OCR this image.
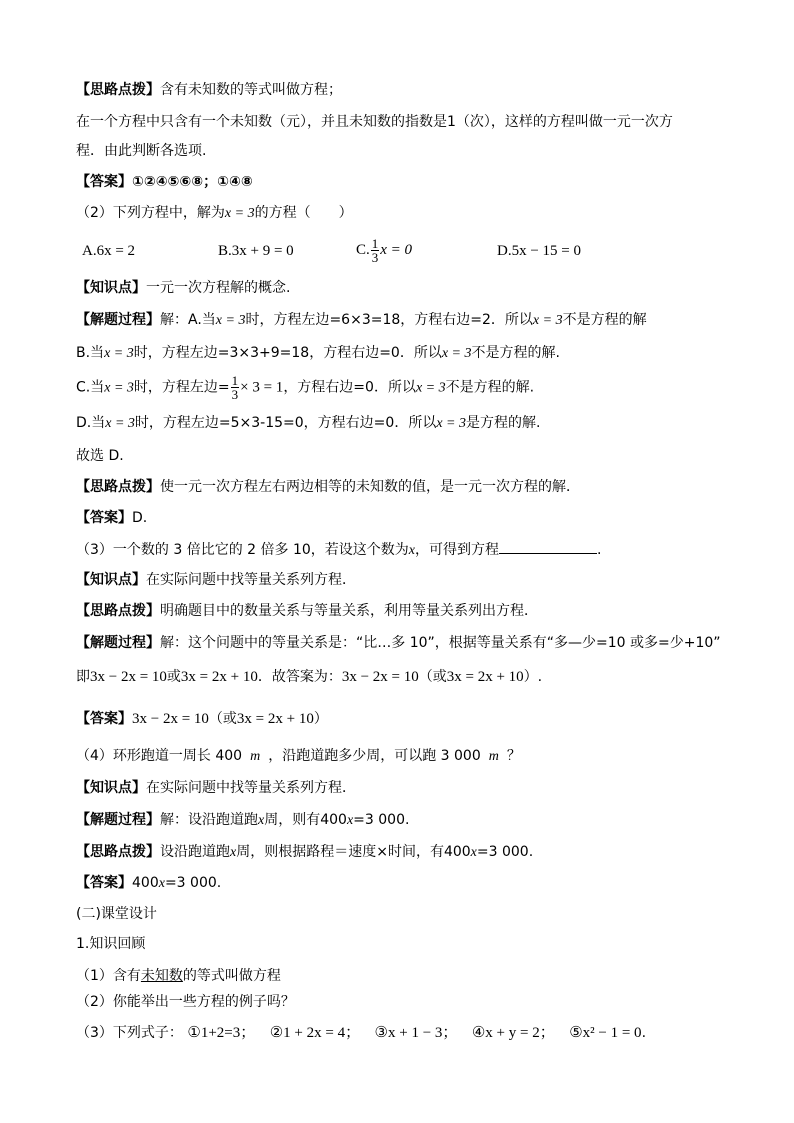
【思路点拨】含有未知数的等式叫做方程；
在一个方程中只含有一个未知数（元），并且未知数的指数是1（次），这样的方程叫做一元一次方
程．由此判断各选项.
【答案】①②④⑤⑥⑧；①④⑧
（2）下列方程中，解为x = 3的方程（　　）
A.6x = 2	B.3x + 9 = 0	C. $\frac{1}{3}$ x = 0	D.5x − 15 = 0
【知识点】一元一次方程解的概念.
【解题过程】解：A.当x = 3时，方程左边=6×3=18，方程右边=2．所以x = 3不是方程的解
B.当x = 3时，方程左边=3×3+9=18，方程右边=0．所以x = 3不是方程的解.
C.当x = 3时，方程左边= $\frac{1}{3} \times 3 = 1$，方程右边=0．所以x = 3不是方程的解.
D.当x = 3时，方程左边=5×3-15=0，方程右边=0．所以x = 3是方程的解.
故选 D.
【思路点拨】使一元一次方程左右两边相等的未知数的值，是一元一次方程的解．
【答案】D.
（3）一个数的 3 倍比它的 2 倍多 10，若设这个数为x，可得到方程	.
【知识点】在实际问题中找等量关系列方程．
【思路点拨】明确题目中的数量关系与等量关系，利用等量关系列出方程．
【解题过程】解：这个问题中的等量关系是：“比…多 10”，根据等量关系有“多—少=10 或多=少+10”
即3x − 2x = 10或3x = 2x + 10．故答案为：3x − 2x = 10（或3x = 2x + 10）.
【答案】3x − 2x = 10（或3x = 2x + 10）
（4）环形跑道一周长 400 m ，沿跑道跑多少周，可以跑 3 000 m ？
【知识点】在实际问题中找等量关系列方程．
【解题过程】解：设沿跑道跑x周，则有400x=3 000.
【思路点拨】设沿跑道跑x周，则根据路程＝速度×时间，有400x=3 000.
【答案】400x=3 000.
(二)课堂设计
1.知识回顾
（1）含有未知数的等式叫做方程
（2）你能举出一些方程的例子吗？
（3）下列式子： ①1+2=3； ②1 + 2x = 4； ③x + 1 − 3； ④x + y = 2； ⑤x² − 1 = 0.
